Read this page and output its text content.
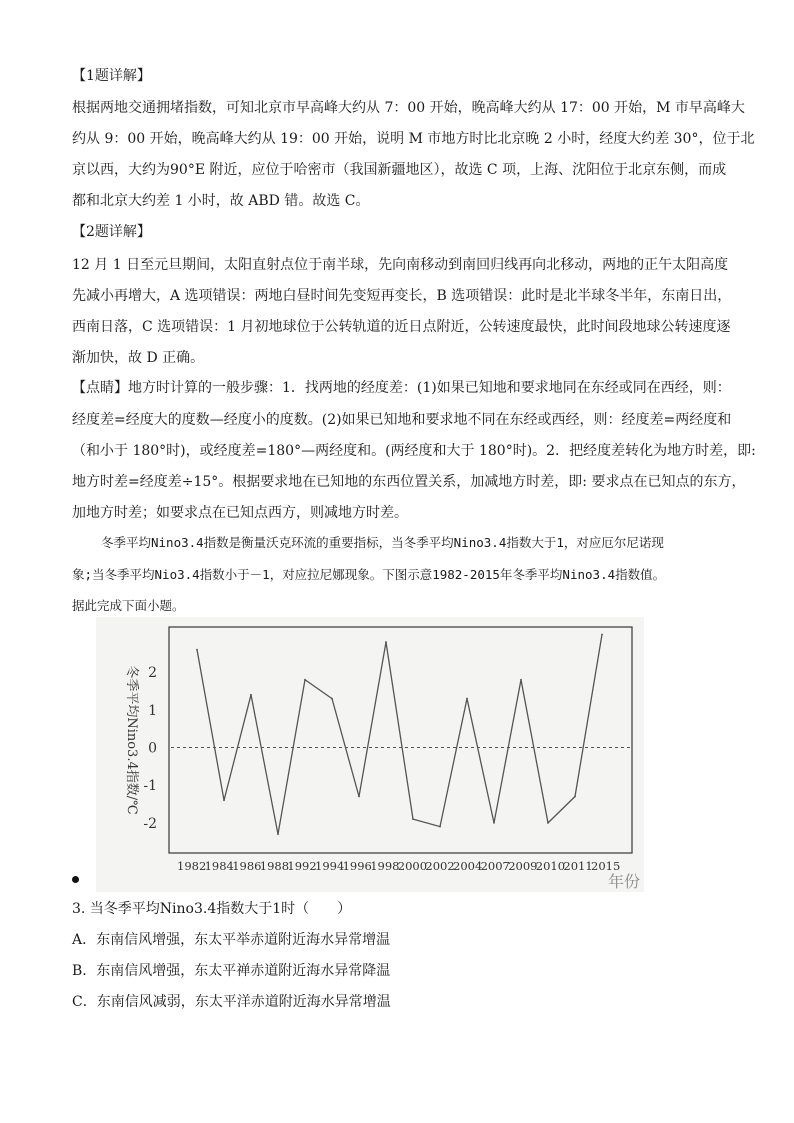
【1题详解】
根据两地交通拥堵指数，可知北京市早高峰大约从 7：00 开始，晚高峰大约从 17：00 开始，M 市早高峰大
约从 9：00 开始，晚高峰大约从 19：00 开始，说明 M 市地方时比北京晚 2 小时，经度大约差 30°，位于北
京以西，大约为90°E 附近，应位于哈密市（我国新疆地区），故选 C 项，上海、沈阳位于北京东侧，而成
都和北京大约差 1 小时，故 ABD 错。故选 C。
【2题详解】
12 月 1 日至元旦期间，太阳直射点位于南半球，先向南移动到南回归线再向北移动，两地的正午太阳高度
先减小再增大，A 选项错误：两地白昼时间先变短再变长，B 选项错误：此时是北半球冬半年，东南日出，
西南日落，C 选项错误：1 月初地球位于公转轨道的近日点附近，公转速度最快，此时间段地球公转速度逐
渐加快，故 D 正确。
【点睛】 地方时计算的一般步骤：1．找两地的经度差：(1)如果已知地和要求地同在东经或同在西经，则：
经度差=经度大的度数—经度小的度数。(2)如果已知地和要求地不同在东经或西经，则：经度差=两经度和
（和小于 180°时)，或经度差=180°—两经度和。(两经度和大于 180°时)。2．把经度差转化为地方时差，即:
地方时差=经度差÷15°。根据要求地在已知地的东西位置关系，加减地方时差，即: 要求点在已知点的东方，
加地方时差；如要求点在已知点西方，则减地方时差。
冬季平均Nino3.4指数是衡量沃克环流的重要指标，当冬季平均Nino3.4指数大于1，对应厄尔尼诺现
象;当冬季平均Nio3.4指数小于－1，对应拉尼娜现象。下图示意1982-2015年冬季平均Nino3.4指数值。
据此完成下面小题。
2
1
0
-1
-2
1982
1984
1986
1988
1992
1994
1996
1998
2000
2002
2004
2007
2009
2010
2011
2015
冬季平均Nino3.4指数/℃
年份
3. 当冬季平均Nino3.4指数大于1时（　　）
A．东南信风增强，东太平举赤道附近海水异常增温
B．东南信风增强，东太平禅赤道附近海水异常降温
C．东南信风减弱，东太平洋赤道附近海水异常增温
